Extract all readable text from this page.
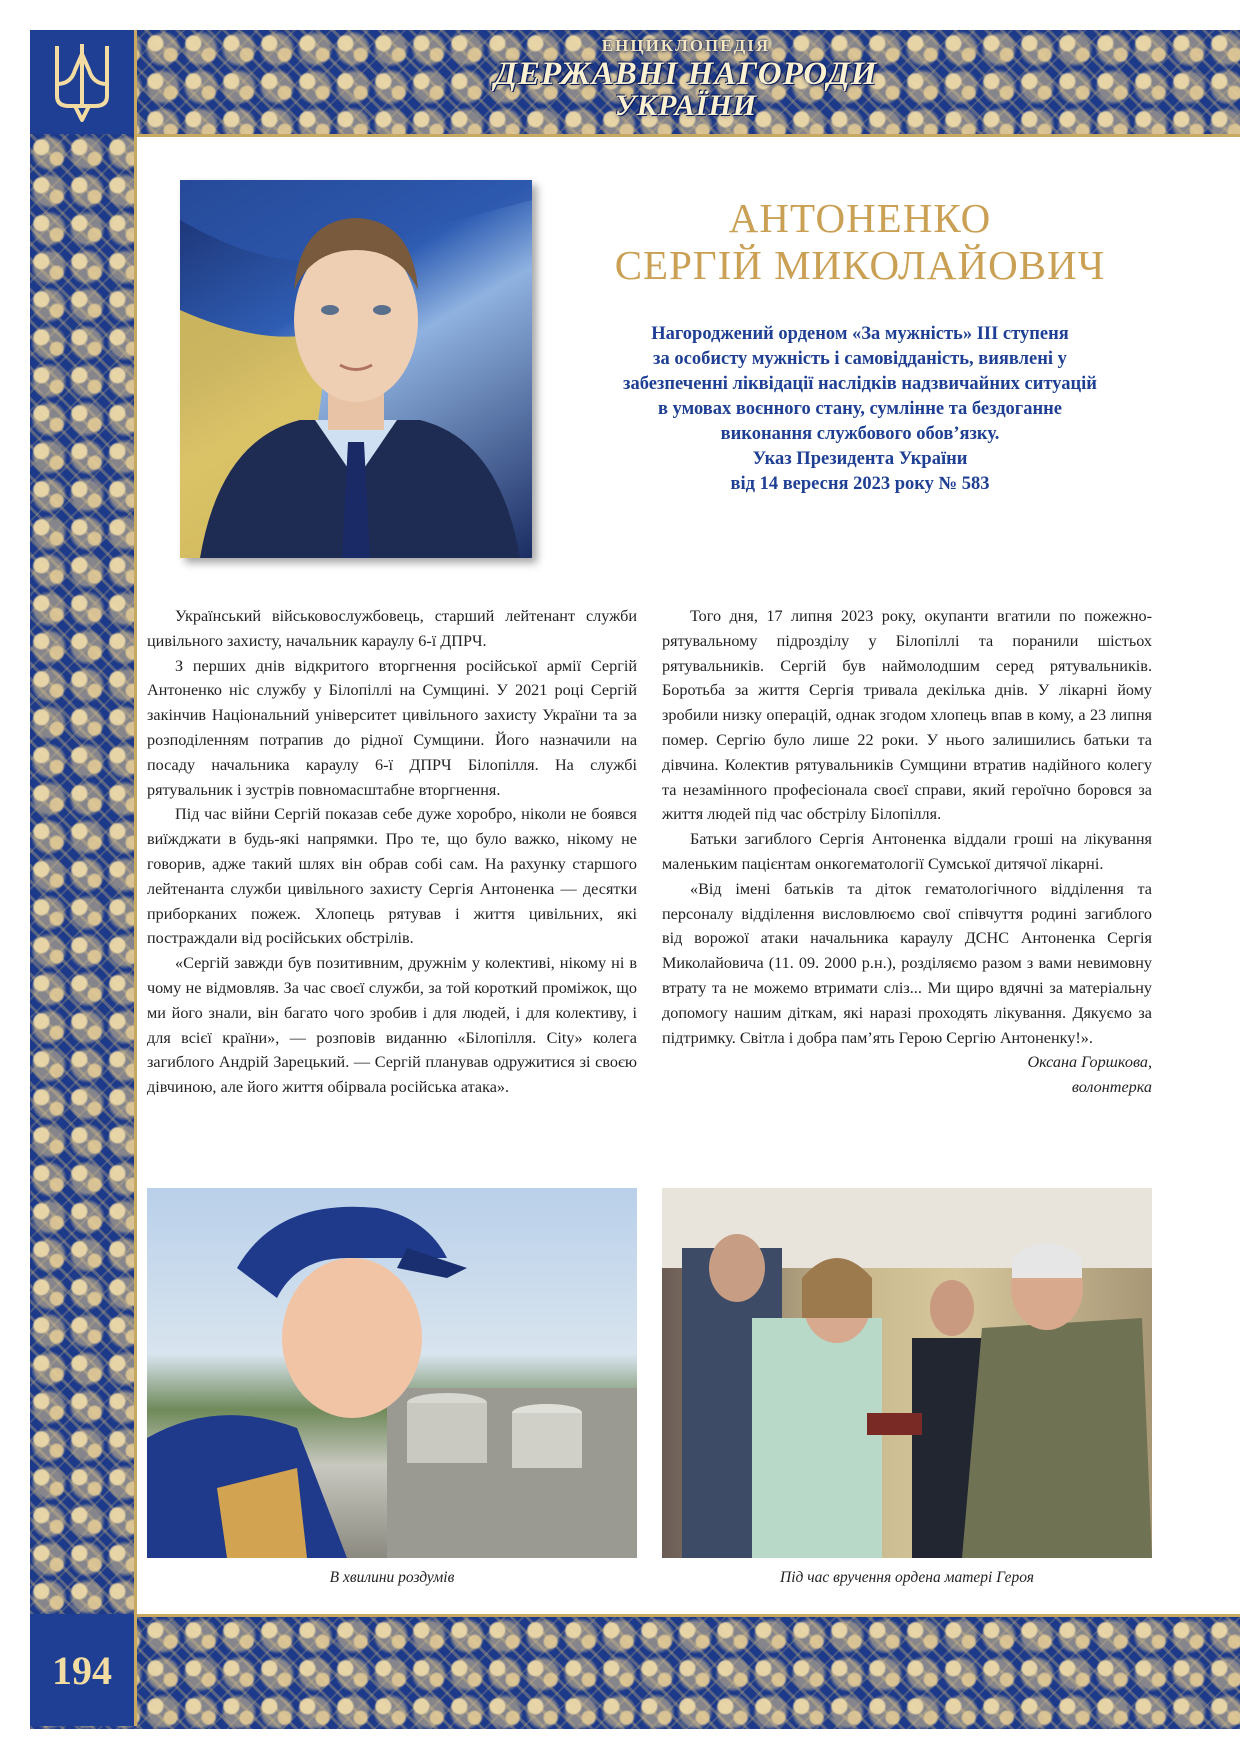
ЕНЦИКЛОПЕДІЯ
ДЕРЖАВНІ НАГОРОДИ
УКРАЇНИ
194
АНТОНЕНКО
СЕРГІЙ МИКОЛАЙОВИЧ
Нагороджений орденом «За мужність» ІІІ ступеня
за особисту мужність і самовідданість, виявлені у
забезпеченні ліквідації наслідків надзвичайних ситуацій
в умовах воєнного стану, сумлінне та бездоганне
виконання службового обов’язку.
Указ Президента України
від 14 вересня 2023 року № 583

Український військовослужбовець, старший лейтенант служби цивільного захисту, начальник караулу 6-ї ДПРЧ.

З перших днів відкритого вторгнення російської армії Сергій Антоненко ніс службу у Білопіллі на Сумщині. У 2021 році Сергій закінчив Національний університет цивільного захисту України та за розподіленням потрапив до рідної Сумщини. Його назначили на посаду начальника караулу 6-ї ДПРЧ Білопілля. На службі рятувальник і зустрів повномасштабне вторгнення.

Під час війни Сергій показав себе дуже хоробро, ніколи не боявся виїжджати в будь-які напрямки. Про те, що було важко, нікому не говорив, адже такий шлях він обрав собі сам. На рахунку старшого лейтенанта служби цивільного захисту Сергія Антоненка — десятки приборканих пожеж. Хлопець рятував і життя цивільних, які постраждали від російських обстрілів.

«Сергій завжди був позитивним, дружнім у колективі, нікому ні в чому не відмовляв. За час своєї служби, за той короткий проміжок, що ми його знали, він багато чого зробив і для людей, і для колективу, і для всієї країни», — розповів виданню «Білопілля. City» колега загиблого Андрій Зарецький. — Сергій планував одружитися зі своєю дівчиною, але його життя обірвала російська атака».

Того дня, 17 липня 2023 року, окупанти вгатили по пожежно-рятувальному підрозділу у Білопіллі та поранили шістьох рятувальників. Сергій був наймолодшим серед рятувальників. Боротьба за життя Сергія тривала декілька днів. У лікарні йому зробили низку операцій, однак згодом хлопець впав в кому, а 23 липня помер. Сергію було лише 22 роки. У нього залишились батьки та дівчина. Колектив рятувальників Сумщини втратив надійного колегу та незамінного професіонала своєї справи, який героїчно боровся за життя людей під час обстрілу Білопілля.

Батьки загиблого Сергія Антоненка віддали гроші на лікування маленьким пацієнтам онкогематології Сумської дитячої лікарні.

«Від імені батьків та діток гематологічного відділення та персоналу відділення висловлюємо свої співчуття родині загиблого від ворожої атаки начальника караулу ДСНС Антоненка Сергія Миколайовича (11. 09. 2000 р.н.), розділяємо разом з вами невимовну втрату та не можемо втримати сліз... Ми щиро вдячні за матеріальну допомогу нашим діткам, які наразі проходять лікування. Дякуємо за підтримку. Світла і добра пам’ять Герою Сергію Антоненку!».

Оксана Горшкова,
волонтерка
В хвилини роздумів	Під час вручення ордена матері Героя
